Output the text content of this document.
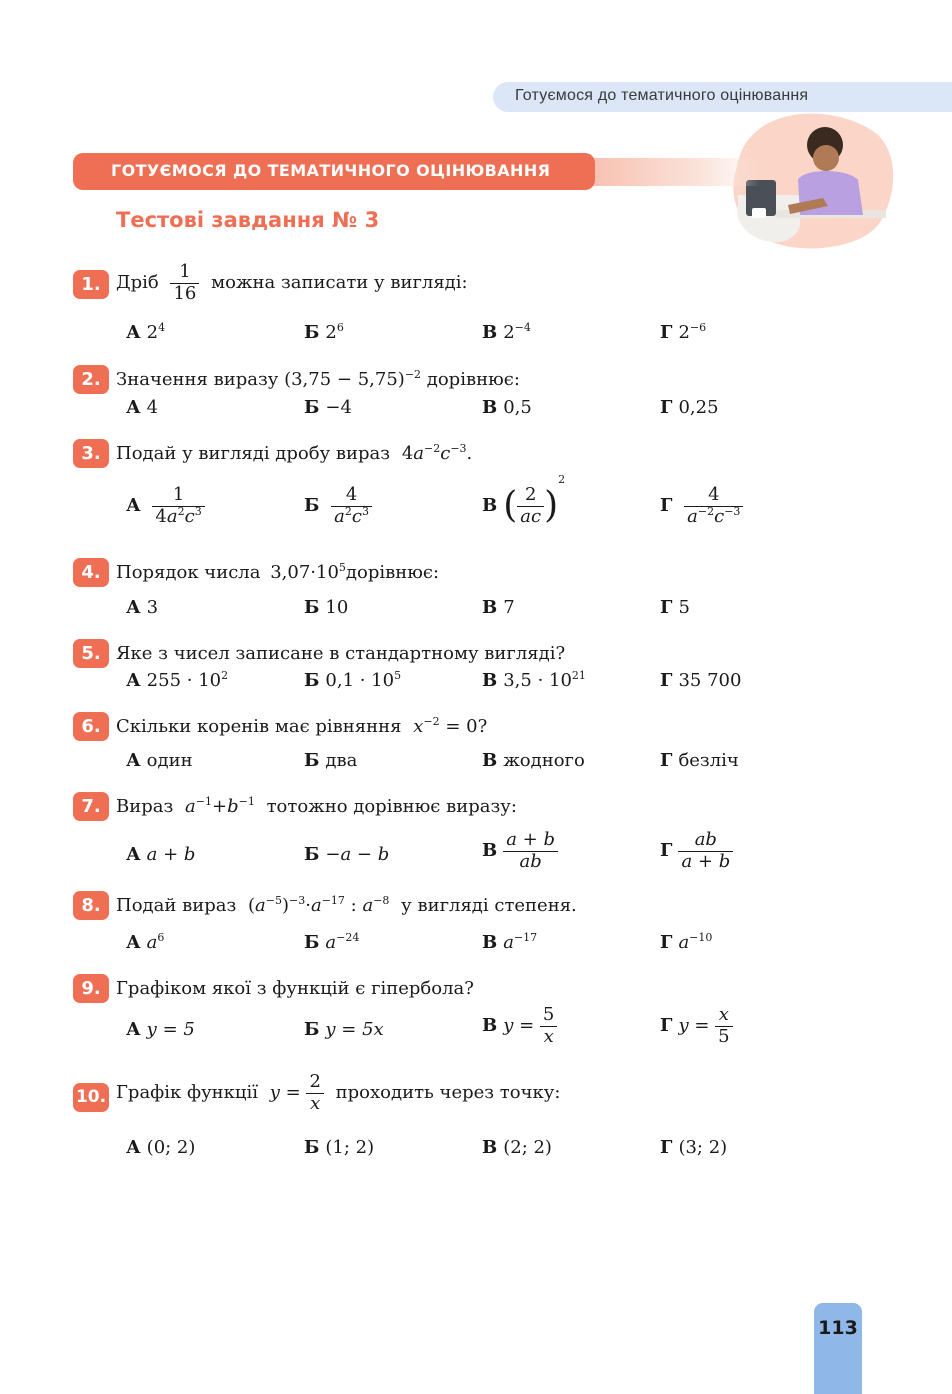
Готуємося до тематичного оцінювання
ГОТУЄМОСЯ ДО ТЕМАТИЧНОГО ОЦІНЮВАННЯ
Тестові завдання № 3
1. Дріб $\frac{1}{16}$ можна записати у вигляді:
А $2^4$	Б $2^6$	В $2^{-4}$	Г $2^{-6}$
2. Значення виразу $(3,75 - 5,75)^{-2}$ дорівнює:
А 4	Б −4	В 0,5	Г 0,25
3. Подай у вигляді дробу вираз $4a^{-2}c^{-3}$.
А $\frac{1}{4a^2c^3}$	Б $\frac{4}{a^2c^3}$	В ( $\frac{2}{ac} )^2$
Г $\frac{4}{a^{-2}c^{-3}}$
4. Порядок числа $3,07\cdot 10^5дорівнює$:
А 3	Б 10	В 7	Г 5
5. Яке з чисел записане в стандартному вигляді?
А $255 \cdot 10^2$	Б $0,1 \cdot 10^5$	В $3,5 \cdot 10^{21}$	Г 35 700
6. Скільки коренів має рівняння $x^{-2} = 0$?
А один	Б два	В жодного	Г безліч
7. Вираз $a^{-1}+b^{-1}$ тотожно дорівнює виразу:
А a + b	Б −a − b	В $\frac{a + b}{ab}$	Г $\frac{ab}{a + b}$
8. Подай вираз $(a^{-5})^{-3}\cdot a^{-17}$ : $a^{-8}$ у вигляді степеня.
А $a^6$	Б $a^{-24}$	В $a^{-17}$	Г $a^{-10}$
9. Графіком якої з функцій є гіпербола?
А y = 5	Б y = 5x	В $y = \frac{5}{x}$	Г $y = \frac{x}{5}$
10. Графік функції $y = \frac{2}{x}$ проходить через точку:
А (0; 2)	Б (1; 2)	В (2; 2)	Г (3; 2)
113
